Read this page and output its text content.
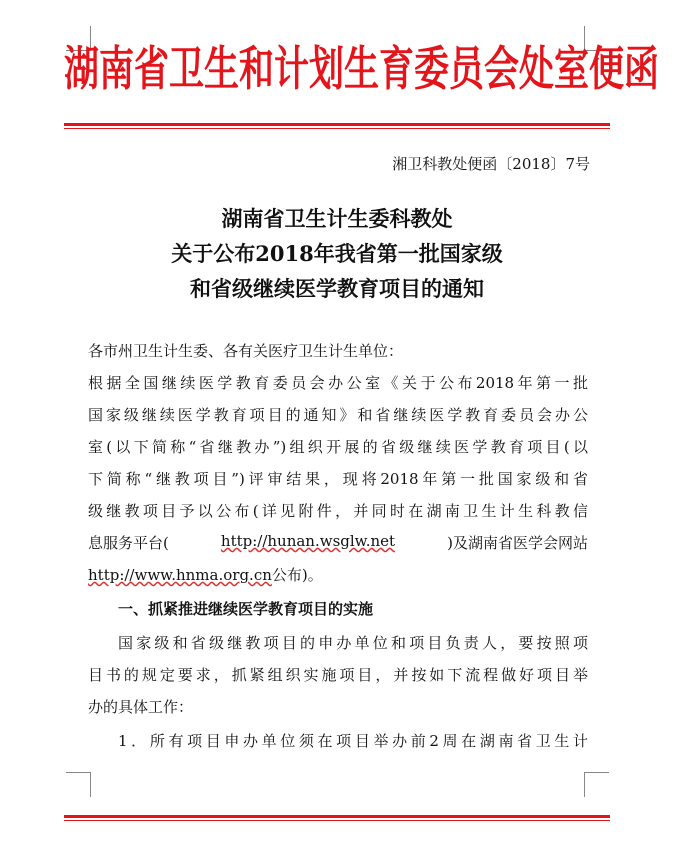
湖南省卫生和计划生育委员会处室便函
湘卫科教处便函〔2018〕7号
湖南省卫生计生委科教处
关于公布2018年我省第一批国家级
和省级继续医学教育项目的通知
各市州卫生计生委、各有关医疗卫生计生单位：
根据全国继续医学教育委员会办公室《关于公布2018年第一批
国家级继续医学教育项目的通知》和省继续医学教育委员会办公
室(以下简称“省继教办”)组织开展的省级继续医学教育项目(以
下简称“继教项目”)评审结果，现将2018年第一批国家级和省
级继教项目予以公布(详见附件，并同时在湖南卫生计生科教信
息服务平台(	http://hunan.wsglw.net	)及湖南省医学会网站
http://www.hnma.org.cn公布)。
一、抓紧推进继续医学教育项目的实施
国家级和省级继教项目的申办单位和项目负责人，要按照项
目书的规定要求，抓紧组织实施项目，并按如下流程做好项目举
办的具体工作：
1．所有项目申办单位须在项目举办前2周在湖南省卫生计
